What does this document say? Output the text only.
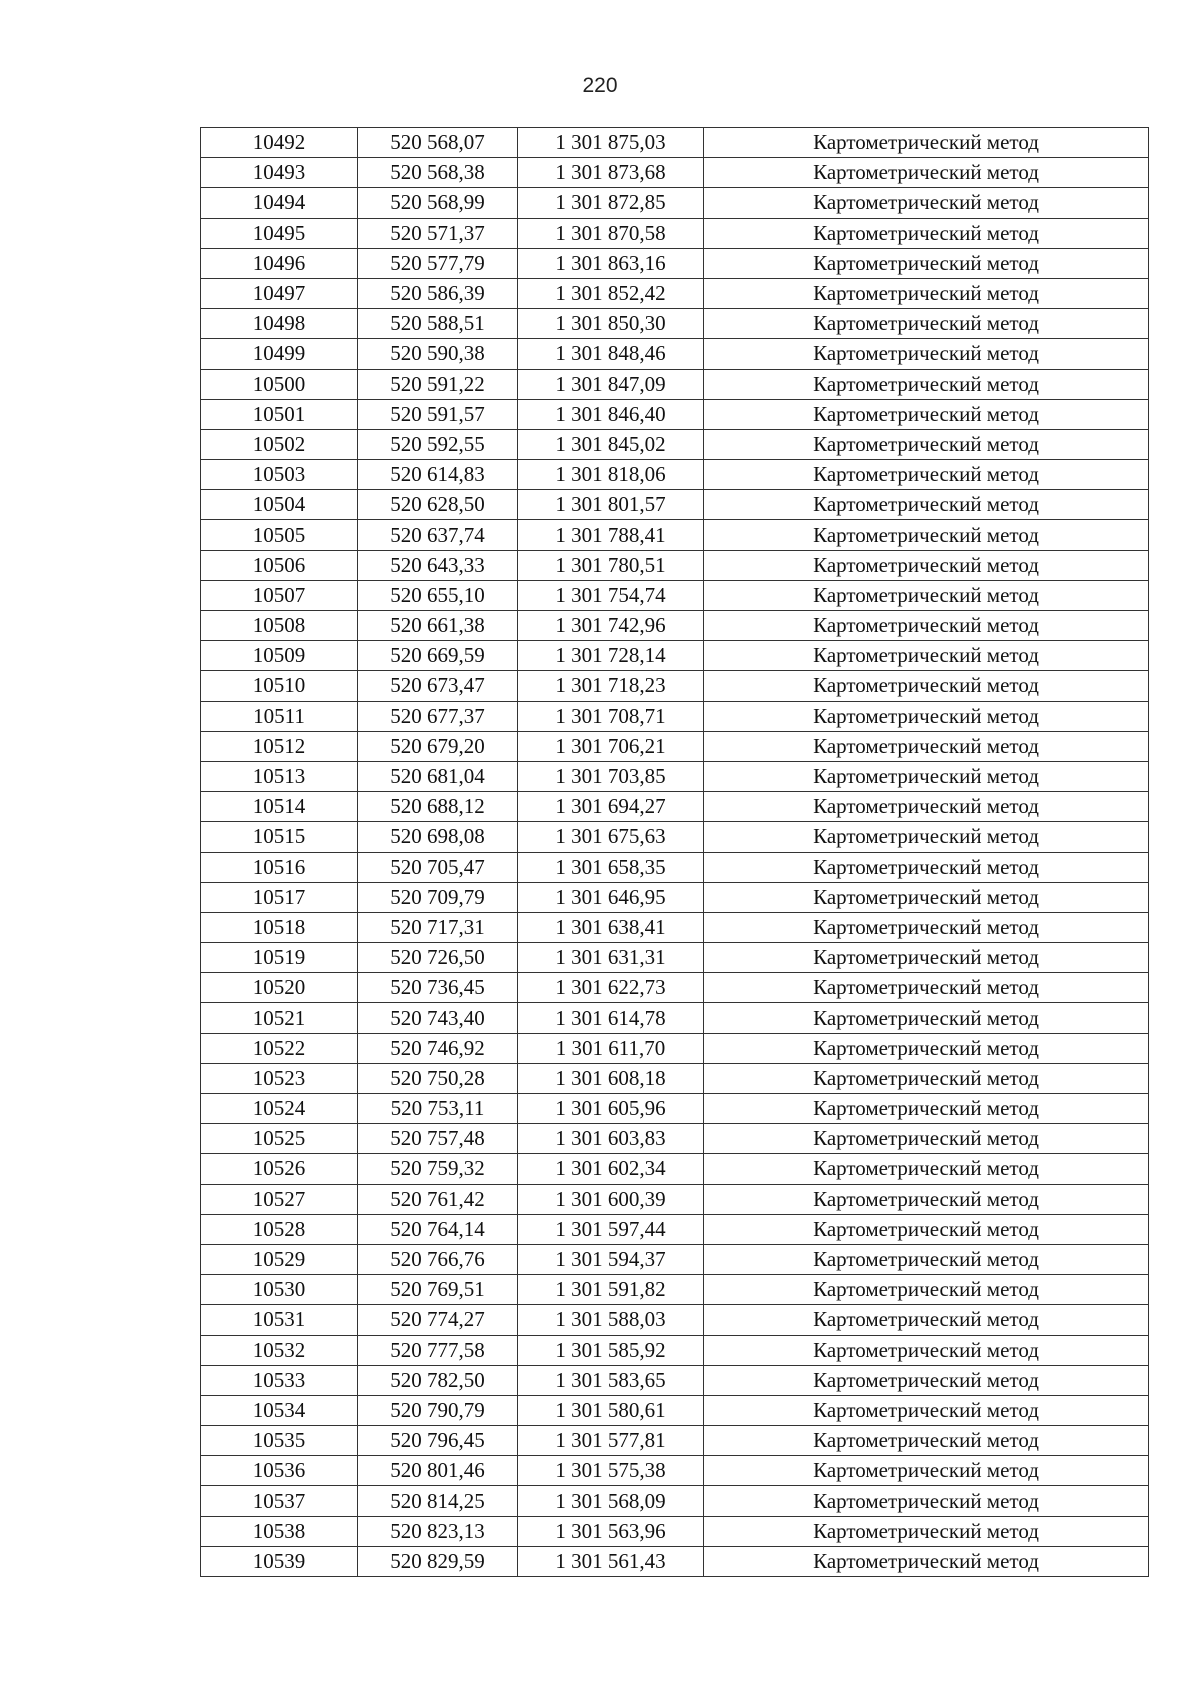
220
10492	520 568,07	1 301 875,03	Картометрический метод
10493	520 568,38	1 301 873,68	Картометрический метод
10494	520 568,99	1 301 872,85	Картометрический метод
10495	520 571,37	1 301 870,58	Картометрический метод
10496	520 577,79	1 301 863,16	Картометрический метод
10497	520 586,39	1 301 852,42	Картометрический метод
10498	520 588,51	1 301 850,30	Картометрический метод
10499	520 590,38	1 301 848,46	Картометрический метод
10500	520 591,22	1 301 847,09	Картометрический метод
10501	520 591,57	1 301 846,40	Картометрический метод
10502	520 592,55	1 301 845,02	Картометрический метод
10503	520 614,83	1 301 818,06	Картометрический метод
10504	520 628,50	1 301 801,57	Картометрический метод
10505	520 637,74	1 301 788,41	Картометрический метод
10506	520 643,33	1 301 780,51	Картометрический метод
10507	520 655,10	1 301 754,74	Картометрический метод
10508	520 661,38	1 301 742,96	Картометрический метод
10509	520 669,59	1 301 728,14	Картометрический метод
10510	520 673,47	1 301 718,23	Картометрический метод
10511	520 677,37	1 301 708,71	Картометрический метод
10512	520 679,20	1 301 706,21	Картометрический метод
10513	520 681,04	1 301 703,85	Картометрический метод
10514	520 688,12	1 301 694,27	Картометрический метод
10515	520 698,08	1 301 675,63	Картометрический метод
10516	520 705,47	1 301 658,35	Картометрический метод
10517	520 709,79	1 301 646,95	Картометрический метод
10518	520 717,31	1 301 638,41	Картометрический метод
10519	520 726,50	1 301 631,31	Картометрический метод
10520	520 736,45	1 301 622,73	Картометрический метод
10521	520 743,40	1 301 614,78	Картометрический метод
10522	520 746,92	1 301 611,70	Картометрический метод
10523	520 750,28	1 301 608,18	Картометрический метод
10524	520 753,11	1 301 605,96	Картометрический метод
10525	520 757,48	1 301 603,83	Картометрический метод
10526	520 759,32	1 301 602,34	Картометрический метод
10527	520 761,42	1 301 600,39	Картометрический метод
10528	520 764,14	1 301 597,44	Картометрический метод
10529	520 766,76	1 301 594,37	Картометрический метод
10530	520 769,51	1 301 591,82	Картометрический метод
10531	520 774,27	1 301 588,03	Картометрический метод
10532	520 777,58	1 301 585,92	Картометрический метод
10533	520 782,50	1 301 583,65	Картометрический метод
10534	520 790,79	1 301 580,61	Картометрический метод
10535	520 796,45	1 301 577,81	Картометрический метод
10536	520 801,46	1 301 575,38	Картометрический метод
10537	520 814,25	1 301 568,09	Картометрический метод
10538	520 823,13	1 301 563,96	Картометрический метод
10539	520 829,59	1 301 561,43	Картометрический метод
